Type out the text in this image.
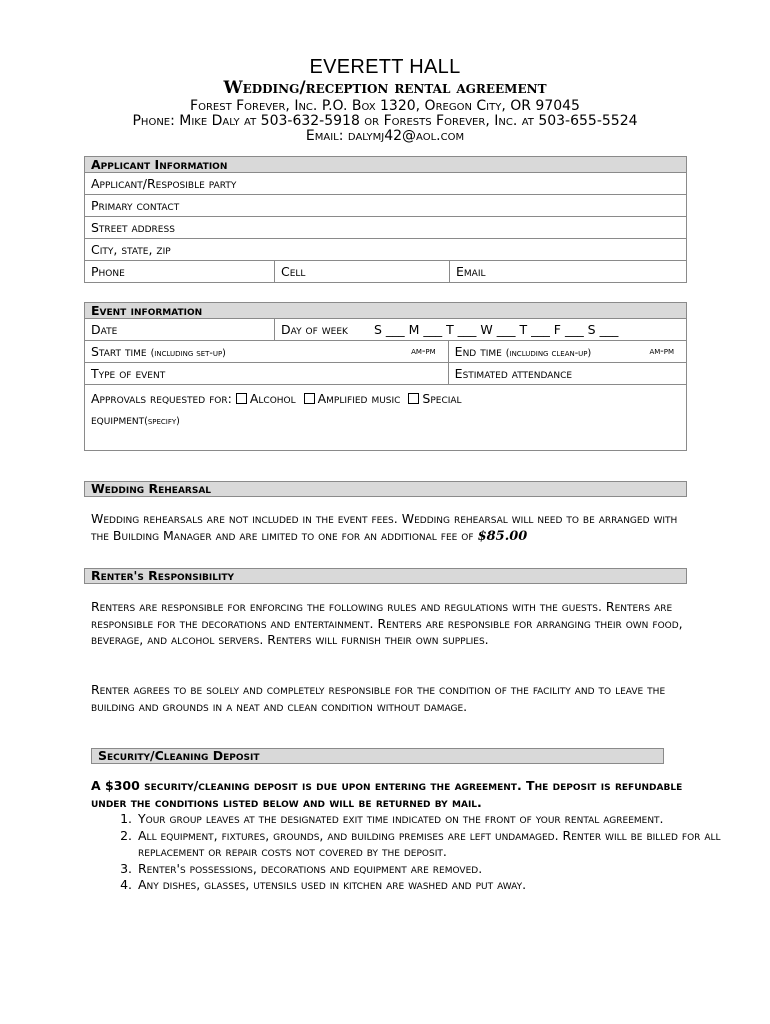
EVERETT HALL
Wedding/reception rental agreement
Forest Forever, Inc. P.O. Box 1320, Oregon City, OR 97045
Phone: Mike Daly at 503-632-5918 or Forests Forever, Inc. at 503-655-5524
Email: dalymj42@aol.com
Applicant Information
Applicant/Resposible party
Primary contact
Street address
City, state, zip
Phone	Cell	Email
Event information		
Date	Day of week S ___ M ___ T ___ W ___ T ___ F ___ S ___	
Start time (including set-up) am-pm		End time (including clean-up) am-pm

Type of event		Estimated attendance
Approvals requested for: Alcohol Amplified music Special
equipment(specify)		
Wedding Rehearsal
Wedding rehearsals are not included in the event fees. Wedding rehearsal will need to be arranged with the Building Manager and are limited to one for an additional fee of $85.00
Renter's Responsibility
Renters are responsible for enforcing the following rules and regulations with the guests. Renters are responsible for the decorations and entertainment. Renters are responsible for arranging their own food, beverage, and alcohol servers. Renters will furnish their own supplies.
Renter agrees to be solely and completely responsible for the condition of the facility and to leave the building and grounds in a neat and clean condition without damage.
Security/Cleaning Deposit
A $300 security/cleaning deposit is due upon entering the agreement. The deposit is refundable under the conditions listed below and will be returned by mail.
1. Your group leaves at the designated exit time indicated on the front of your rental agreement.
2. All equipment, fixtures, grounds, and building premises are left undamaged. Renter will be billed for all replacement or repair costs not covered by the deposit.
3. Renter's possessions, decorations and equipment are removed.
4. Any dishes, glasses, utensils used in kitchen are washed and put away.
